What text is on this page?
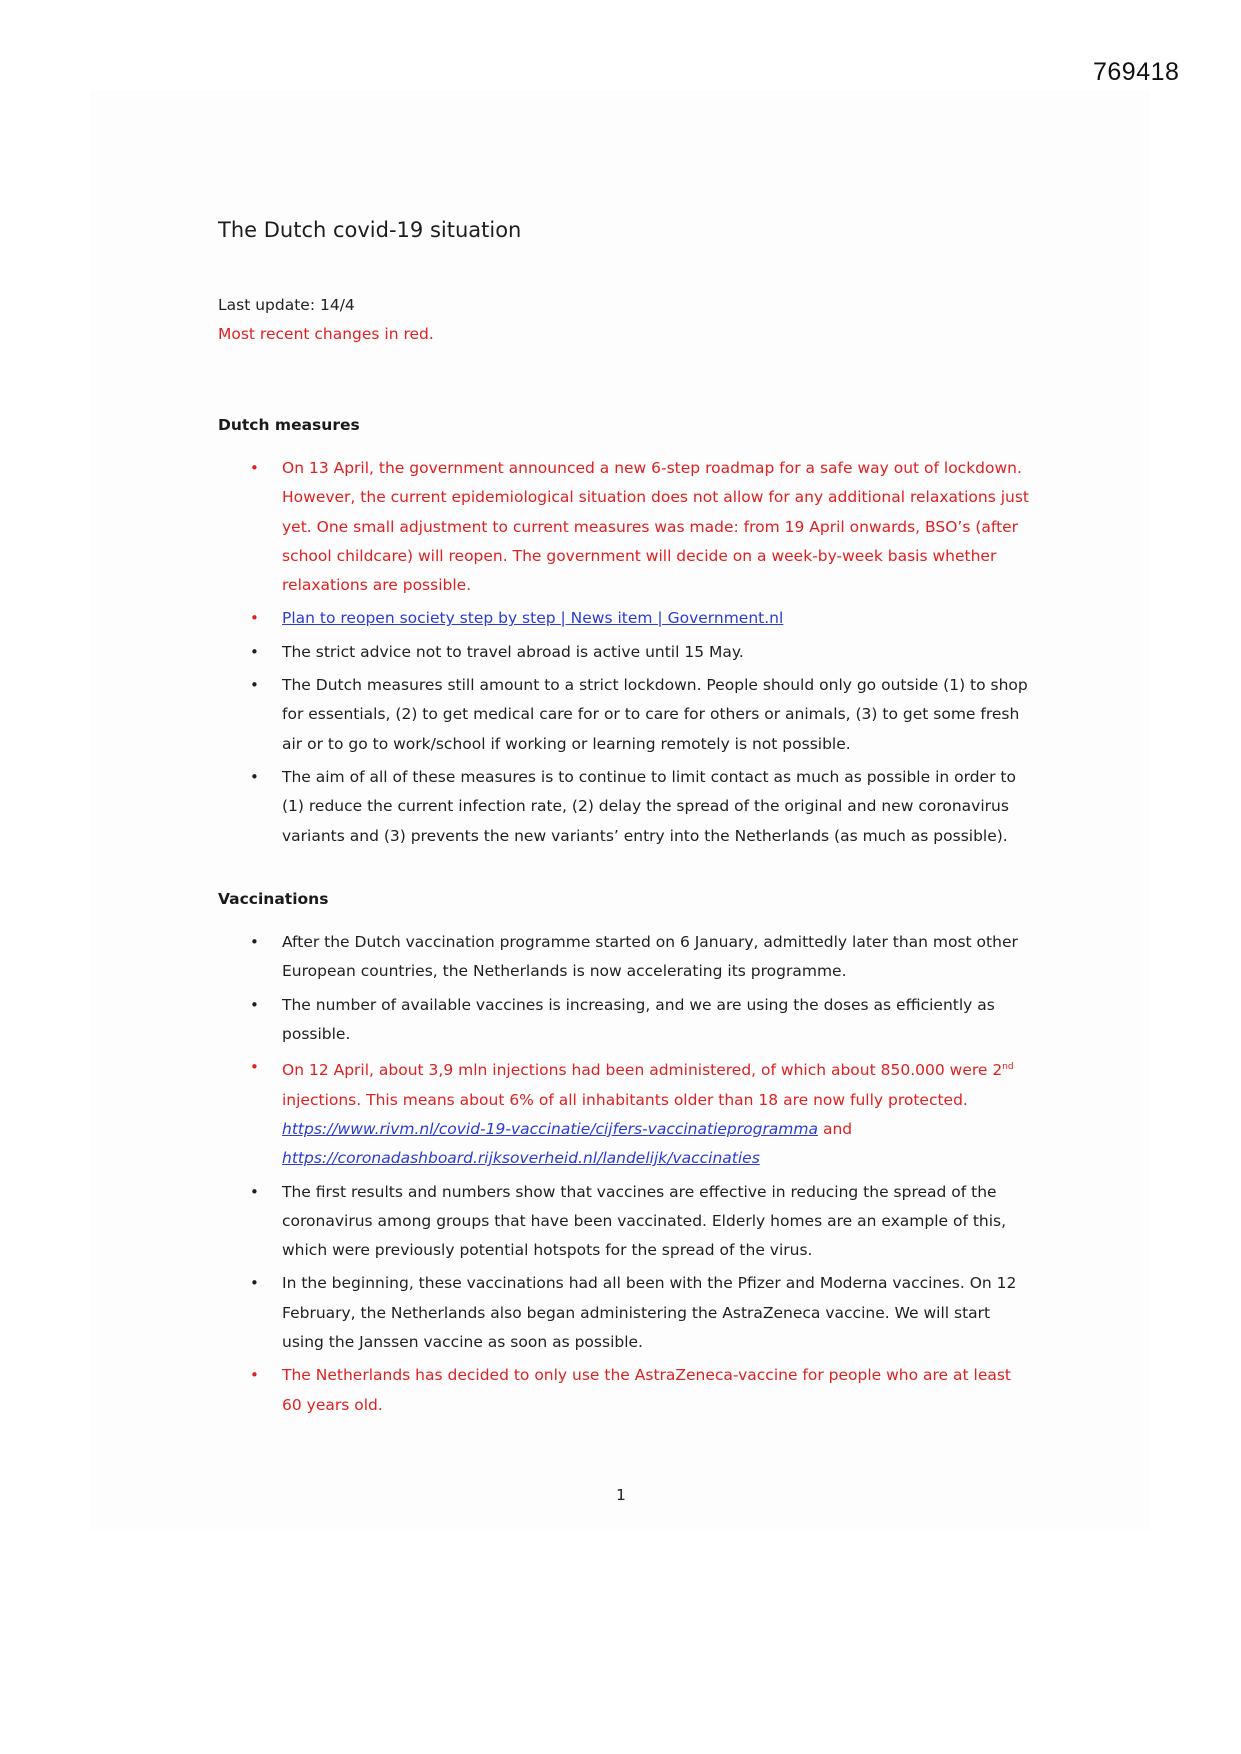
769418
The Dutch covid-19 situation
Last update: 14/4
Most recent changes in red.
Dutch measures
• On 13 April, the government announced a new 6-step roadmap for a safe way out of lockdown. However, the current epidemiological situation does not allow for any additional relaxations just yet. One small adjustment to current measures was made: from 19 April onwards, BSO’s (after school childcare) will reopen. The government will decide on a week-by-week basis whether relaxations are possible.
• Plan to reopen society step by step | News item | Government.nl
• The strict advice not to travel abroad is active until 15 May.
• The Dutch measures still amount to a strict lockdown. People should only go outside (1) to shop for essentials, (2) to get medical care for or to care for others or animals, (3) to get some fresh air or to go to work/school if working or learning remotely is not possible.
• The aim of all of these measures is to continue to limit contact as much as possible in order to (1) reduce the current infection rate, (2) delay the spread of the original and new coronavirus variants and (3) prevents the new variants’ entry into the Netherlands (as much as possible).
Vaccinations
• After the Dutch vaccination programme started on 6 January, admittedly later than most other European countries, the Netherlands is now accelerating its programme.
• The number of available vaccines is increasing, and we are using the doses as efficiently as possible.
• On 12 April, about 3,9 mln injections had been administered, of which about 850.000 were 2nd injections. This means about 6% of all inhabitants older than 18 are now fully protected.
https://www.rivm.nl/covid-19-vaccinatie/cijfers-vaccinatieprogramma and
https://coronadashboard.rijksoverheid.nl/landelijk/vaccinaties
• The first results and numbers show that vaccines are effective in reducing the spread of the coronavirus among groups that have been vaccinated. Elderly homes are an example of this, which were previously potential hotspots for the spread of the virus.
• In the beginning, these vaccinations had all been with the Pfizer and Moderna vaccines. On 12 February, the Netherlands also began administering the AstraZeneca vaccine. We will start using the Janssen vaccine as soon as possible.
• The Netherlands has decided to only use the AstraZeneca-vaccine for people who are at least 60 years old.
1
